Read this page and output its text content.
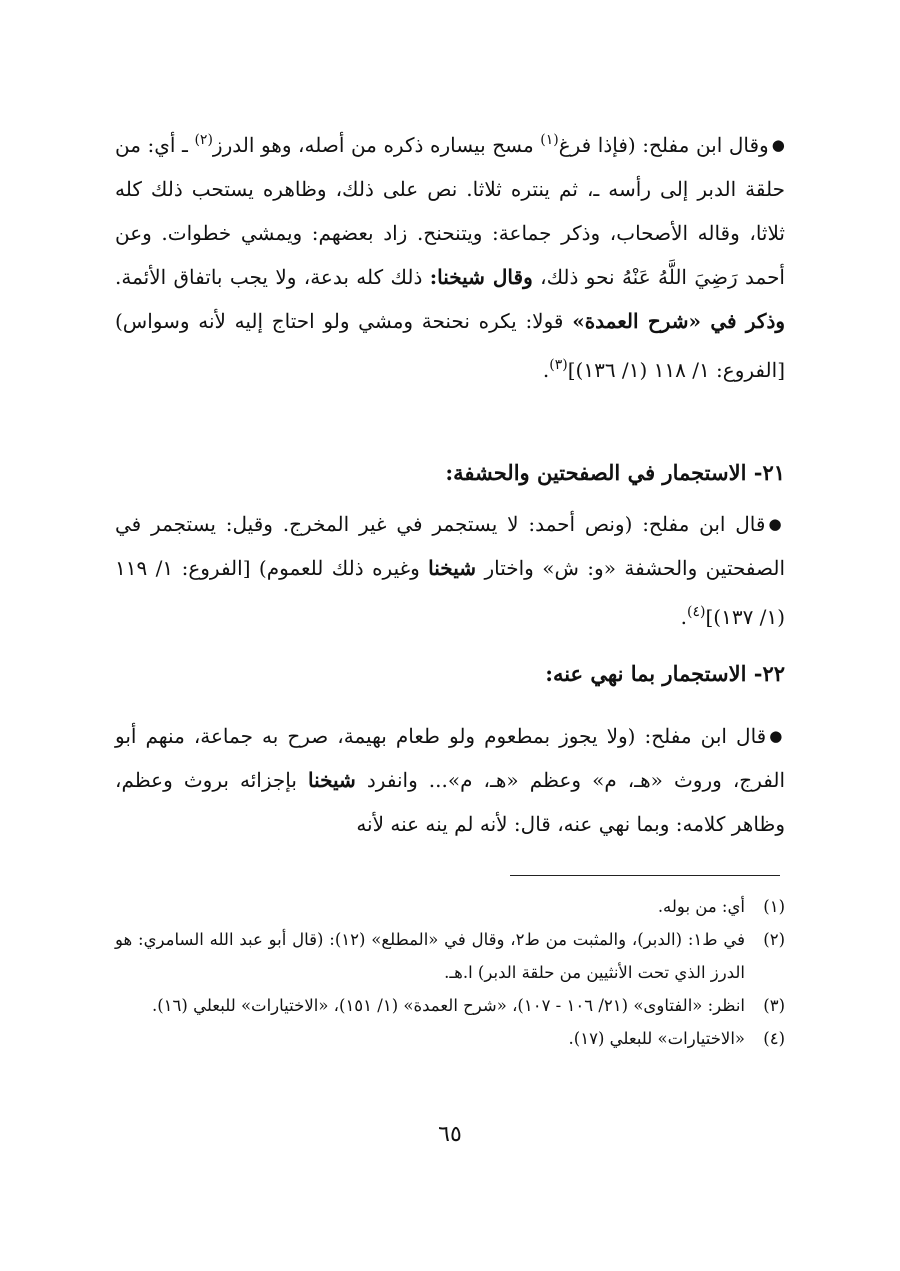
●وقال ابن مفلح: (فإذا فرغ$^{(١)}$ مسح بيساره ذكره من أصله، وهو الدرز$^{(٢)}$ ـ أي: من حلقة الدبر إلى رأسه ـ، ثم ينتره ثلاثا. نص على ذلك، وظاهره يستحب ذلك كله ثلاثا، وقاله الأصحاب، وذكر جماعة: ويتنحنح. زاد بعضهم: ويمشي خطوات. وعن أحمد رَضِيَ اللَّهُ عَنْهُ نحو ذلك، وقال شيخنا: ذلك كله بدعة، ولا يجب باتفاق الأئمة. وذكر في «شرح العمدة» قولا: يكره نحنحة ومشي ولو احتاج إليه لأنه وسواس) [الفروع: ١/ ١١٨ (١/ ١٣٦)]$^{(٣)}$.
٢١- الاستجمار في الصفحتين والحشفة:
●قال ابن مفلح: (ونص أحمد: لا يستجمر في غير المخرج. وقيل: يستجمر في الصفحتين والحشفة «و: ش» واختار شيخنا وغيره ذلك للعموم) [الفروع: ١/ ١١٩ (١/ ١٣٧)]$^{(٤)}$.
٢٢- الاستجمار بما نهي عنه:
●قال ابن مفلح: (ولا يجوز بمطعوم ولو طعام بهيمة، صرح به جماعة، منهم أبو الفرج، وروث «هـ، م» وعظم «هـ، م»... وانفرد شيخنا بإجزائه بروث وعظم، وظاهر كلامه: وبما نهي عنه، قال: لأنه لم ينه عنه لأنه
(١)
أي: من بوله.
(٢)
في ط١: (الدبر)، والمثبت من ط٢، وقال في «المطلع» (١٢): (قال أبو عبد الله السامري: هو الدرز الذي تحت الأنثيين من حلقة الدبر) ا.هـ.
(٣)
انظر: «الفتاوى» (٢١/ ١٠٦ - ١٠٧)، «شرح العمدة» (١/ ١٥١)، «الاختيارات» للبعلي (١٦).
(٤)
«الاختيارات» للبعلي (١٧).
٦٥
